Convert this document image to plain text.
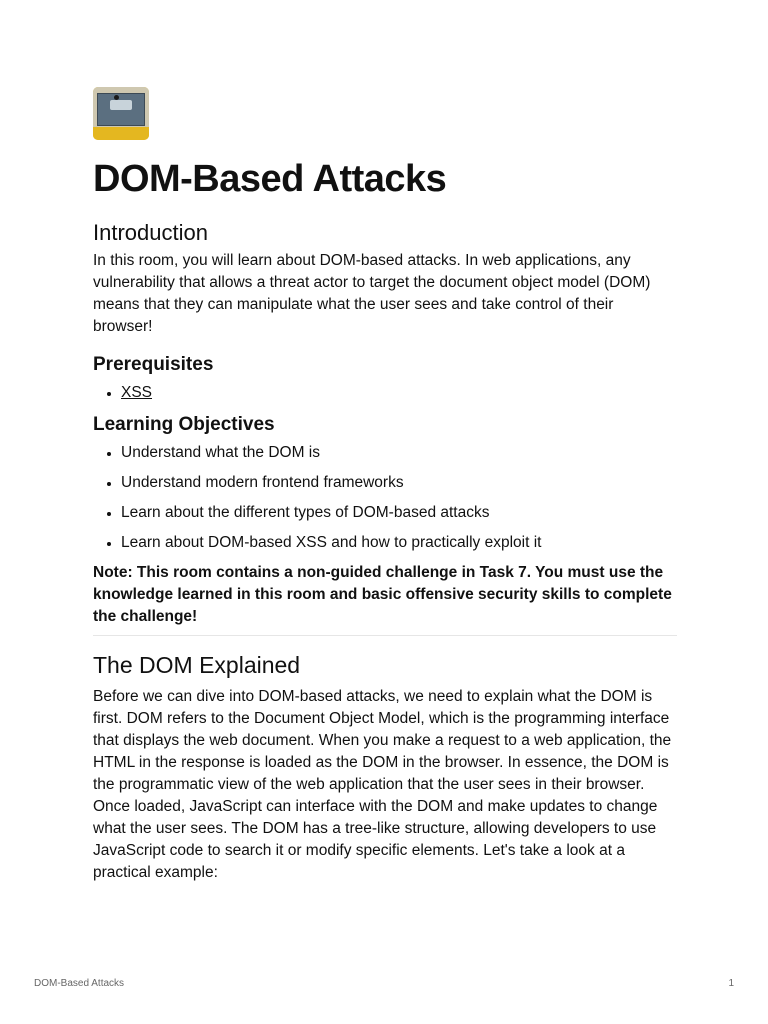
DOM-Based Attacks
Introduction

In this room, you will learn about DOM-based attacks. In web applications, any vulnerability that allows a threat actor to target the document object model (DOM) means that they can manipulate what the user sees and take control of their browser!

Prerequisites
• XSS
Learning Objectives
• Understand what the DOM is
• Understand modern frontend frameworks
• Learn about the different types of DOM-based attacks
• Learn about DOM-based XSS and how to practically exploit it

Note: This room contains a non-guided challenge in Task 7. You must use the knowledge learned in this room and basic offensive security skills to complete the challenge!

The DOM Explained

Before we can dive into DOM-based attacks, we need to explain what the DOM is first. DOM refers to the Document Object Model, which is the programming interface that displays the web document. When you make a request to a web application, the HTML in the response is loaded as the DOM in the browser. In essence, the DOM is the programmatic view of the web application that the user sees in their browser. Once loaded, JavaScript can interface with the DOM and make updates to change what the user sees. The DOM has a tree-like structure, allowing developers to use JavaScript code to search it or modify specific elements. Let's take a look at a practical example:

DOM-Based Attacks	1
